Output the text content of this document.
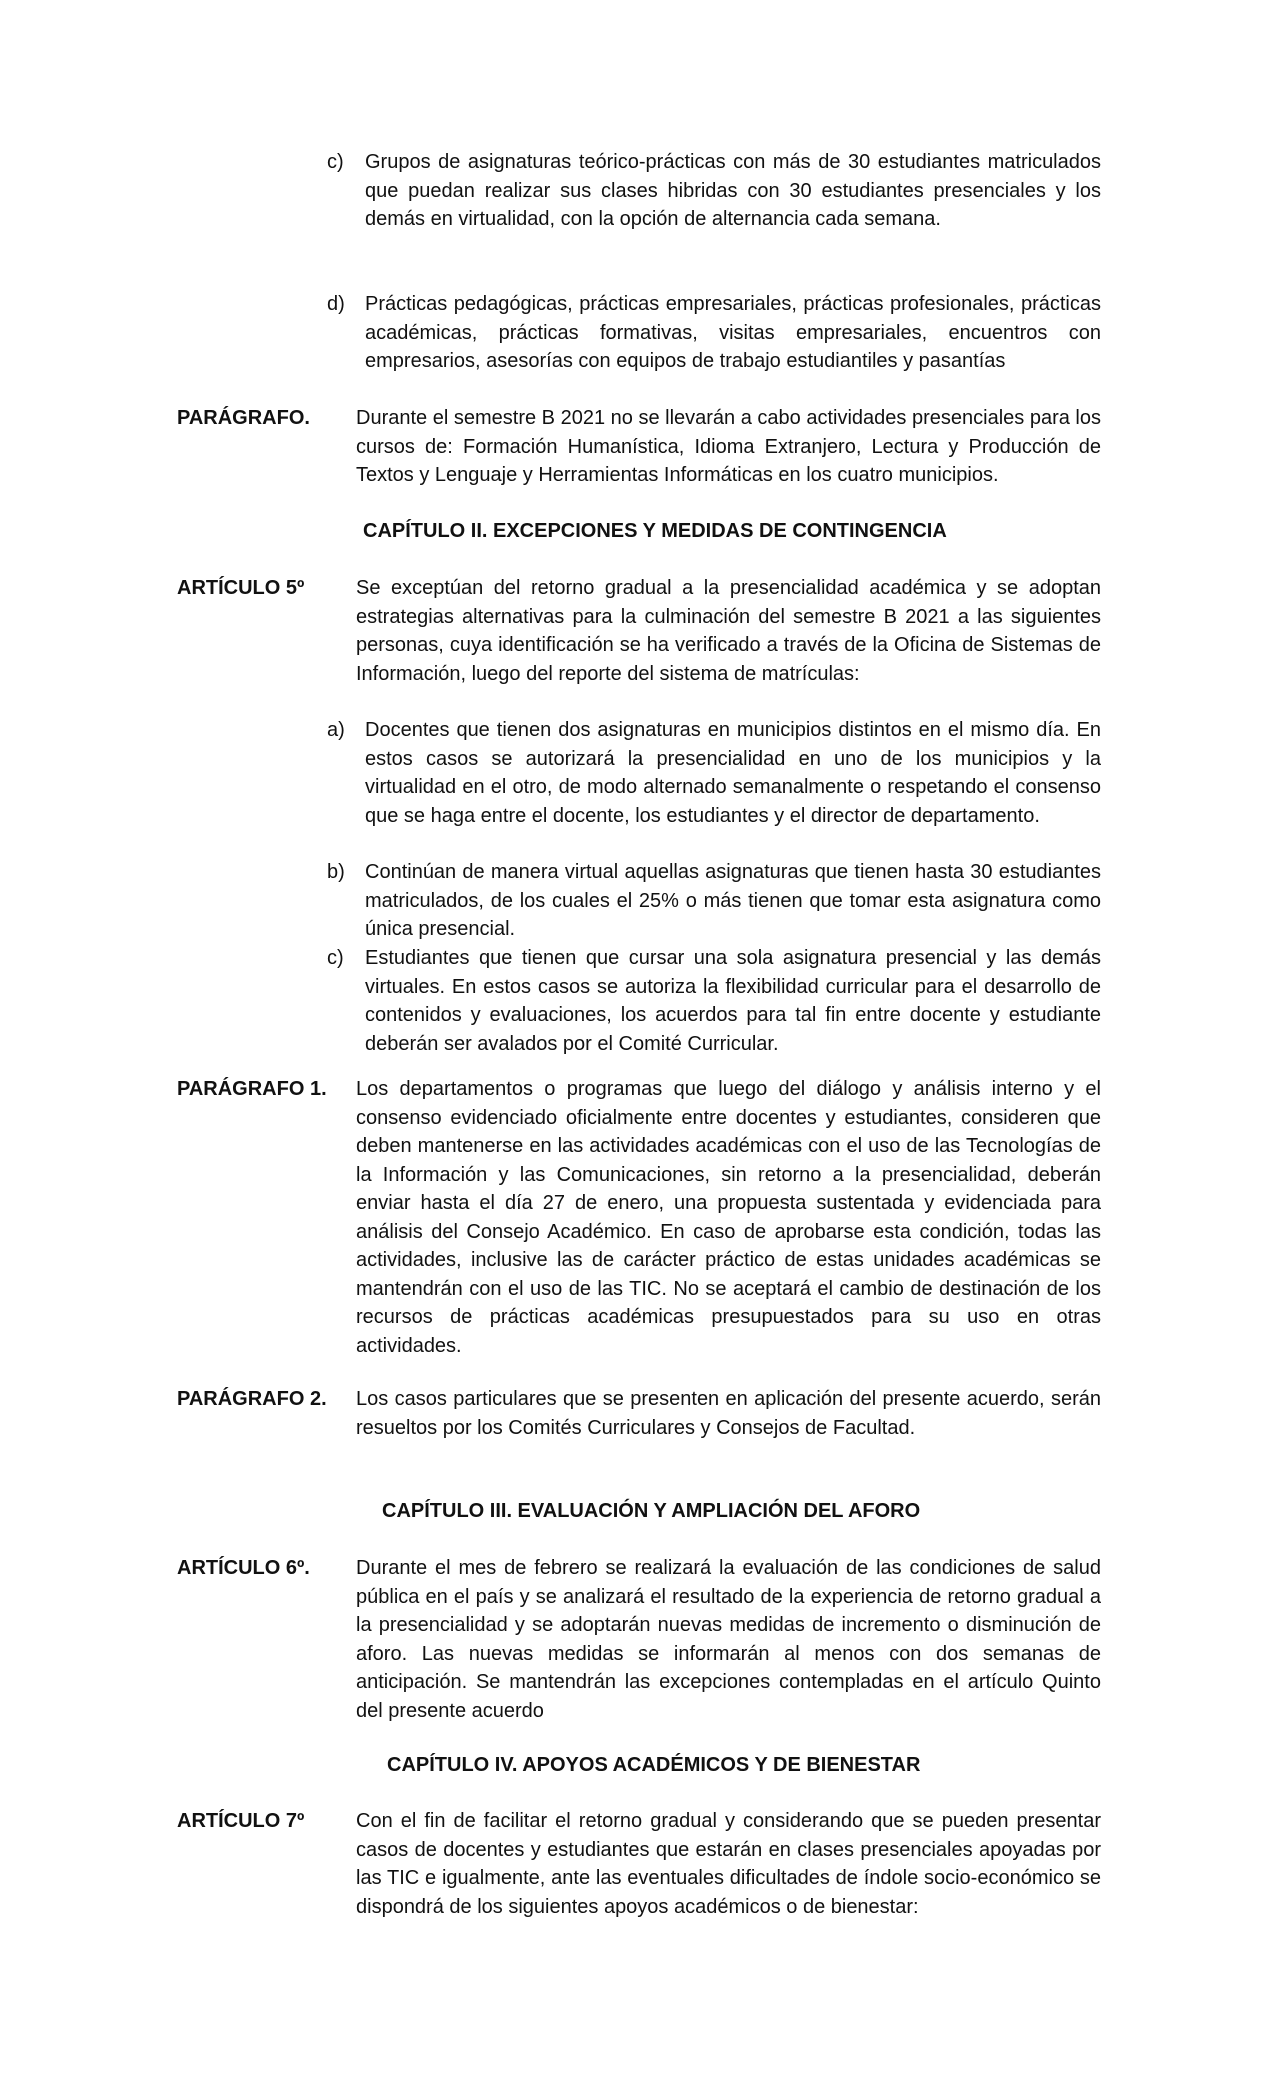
c) Grupos de asignaturas teórico-prácticas con más de 30 estudiantes matriculados que puedan realizar sus clases hibridas con 30 estudiantes presenciales y los demás en virtualidad, con la opción de alternancia cada semana.
d) Prácticas pedagógicas, prácticas empresariales, prácticas profesionales, prácticas académicas, prácticas formativas, visitas empresariales, encuentros con empresarios, asesorías con equipos de trabajo estudiantiles y pasantías
PARÁGRAFO. Durante el semestre B 2021 no se llevarán a cabo actividades presenciales para los cursos de: Formación Humanística, Idioma Extranjero, Lectura y Producción de Textos y Lenguaje y Herramientas Informáticas en los cuatro municipios.
CAPÍTULO II. EXCEPCIONES Y MEDIDAS DE CONTINGENCIA
ARTÍCULO 5º	Se exceptúan del retorno gradual a la presencialidad académica y se adoptan estrategias alternativas para la culminación del semestre B 2021 a las siguientes personas, cuya identificación se ha verificado a través de la Oficina de Sistemas de Información, luego del reporte del sistema de matrículas:
a) Docentes que tienen dos asignaturas en municipios distintos en el mismo día. En estos casos se autorizará la presencialidad en uno de los municipios y la virtualidad en el otro, de modo alternado semanalmente o respetando el consenso que se haga entre el docente, los estudiantes y el director de departamento.
b) Continúan de manera virtual aquellas asignaturas que tienen hasta 30 estudiantes matriculados, de los cuales el 25% o más tienen que tomar esta asignatura como única presencial.
c) Estudiantes que tienen que cursar una sola asignatura presencial y las demás virtuales. En estos casos se autoriza la flexibilidad curricular para el desarrollo de contenidos y evaluaciones, los acuerdos para tal fin entre docente y estudiante deberán ser avalados por el Comité Curricular.
PARÁGRAFO 1. Los departamentos o programas que luego del diálogo y análisis interno y el consenso evidenciado oficialmente entre docentes y estudiantes, consideren que deben mantenerse en las actividades académicas con el uso de las Tecnologías de la Información y las Comunicaciones, sin retorno a la presencialidad, deberán enviar hasta el día 27 de enero, una propuesta sustentada y evidenciada para análisis del Consejo Académico. En caso de aprobarse esta condición, todas las actividades, inclusive las de carácter práctico de estas unidades académicas se mantendrán con el uso de las TIC. No se aceptará el cambio de destinación de los recursos de prácticas académicas presupuestados para su uso en otras actividades.
PARÁGRAFO 2. Los casos particulares que se presenten en aplicación del presente acuerdo, serán resueltos por los Comités Curriculares y Consejos de Facultad.
CAPÍTULO III. EVALUACIÓN Y AMPLIACIÓN DEL AFORO
ARTÍCULO 6º. Durante el mes de febrero se realizará la evaluación de las condiciones de salud pública en el país y se analizará el resultado de la experiencia de retorno gradual a la presencialidad y se adoptarán nuevas medidas de incremento o disminución de aforo. Las nuevas medidas se informarán al menos con dos semanas de anticipación. Se mantendrán las excepciones contempladas en el artículo Quinto del presente acuerdo
CAPÍTULO IV. APOYOS ACADÉMICOS Y DE BIENESTAR
ARTÍCULO 7º	Con el fin de facilitar el retorno gradual y considerando que se pueden presentar casos de docentes y estudiantes que estarán en clases presenciales apoyadas por las TIC e igualmente, ante las eventuales dificultades de índole socio-económico se dispondrá de los siguientes apoyos académicos o de bienestar:
